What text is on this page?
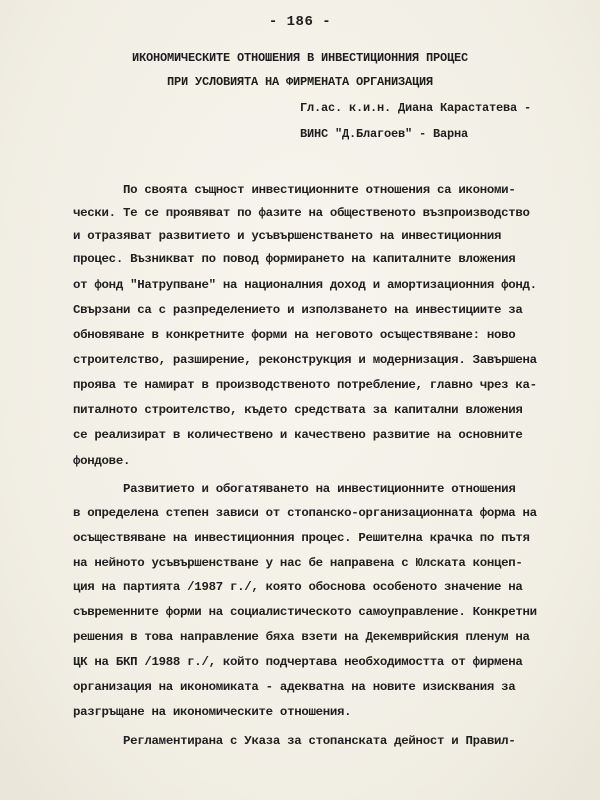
- 186 -
ИКОНОМИЧЕСКИТЕ ОТНОШЕНИЯ В ИНВЕСТИЦИОННИЯ ПРОЦЕС
ПРИ УСЛОВИЯТА НА ФИРМЕНАТА ОРГАНИЗАЦИЯ
Гл.ас. к.и.н. Диана Карастатева -
ВИНС "Д.Благоев" - Варна
По своята същност инвестиционните отношения са икономи-
чески. Те се проявяват по фазите на общественото възпроизводство
и отразяват развитието и усъвършенстването на инвестиционния
процес. Възникват по повод формирането на капиталните вложения
от фонд "Натрупване" на националния доход и амортизационния фонд.
Свързани са с разпределението и използването на инвестициите за
обновяване в конкретните форми на неговото осъществяване: ново
строителство, разширение, реконструкция и модернизация. Завършена
проява те намират в производственото потребление, главно чрез ка-
питалното строителство, където средствата за капитални вложения
се реализират в количествено и качествено развитие на основните
фондове.
Развитието и обогатяването на инвестиционните отношения
в определена степен зависи от стопанско-организационната форма на
осъществяване на инвестиционния процес. Решителна крачка по пътя
на нейното усъвършенстване у нас бе направена с Юлската концеп-
ция на партията /1987 г./, която обосновa особеното значение на
съвременните форми на социалистическото самоуправление. Конкретни
решения в това направление бяха взети на Декемврийския пленум на
ЦК на БКП /1988 г./, който подчертава необходимостта от фирмена
организация на икономиката - адекватна на новите изисквания за
разгръщане на икономическите отношения.
Регламентирана с Указа за стопанската дейност и Правил-
